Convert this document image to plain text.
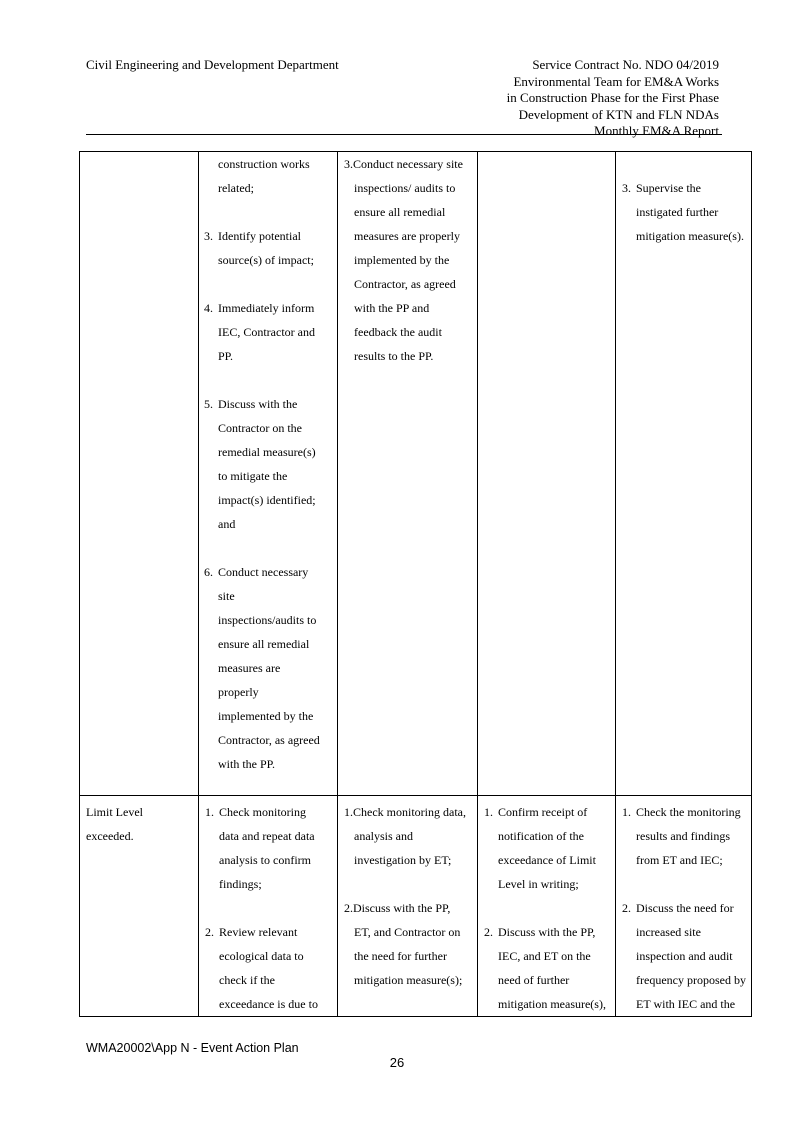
Civil Engineering and Development Department	Service Contract No. NDO 04/2019
Environmental Team for EM&A Works
in Construction Phase for the First Phase
Development of KTN and FLN NDAs
Monthly EM&A Report
construction works
related;
3. Identify potential
source(s) of impact;
4. Immediately inform
IEC, Contractor and
PP.
5. Discuss with the
Contractor on the
remedial measure(s)
to mitigate the
impact(s) identified;
and
6. Conduct necessary
site
inspections/audits to
ensure all remedial
measures are
properly
implemented by the
Contractor, as agreed
with the PP.
3.Conduct necessary site
inspections/ audits to
ensure all remedial
measures are properly
implemented by the
Contractor, as agreed
with the PP and
feedback the audit
results to the PP.
3. Supervise the
instigated further
mitigation measure(s).
Limit Level
exceeded.
1. Check monitoring
data and repeat data
analysis to confirm
findings;
2. Review relevant
ecological data to
check if the
exceedance is due to
1.Check monitoring data,
analysis and
investigation by ET;
2.Discuss with the PP,
ET, and Contractor on
the need for further
mitigation measure(s);
1. Confirm receipt of
notification of the
exceedance of Limit
Level in writing;
2. Discuss with the PP,
IEC, and ET on the
need of further
mitigation measure(s),
1. Check the monitoring
results and findings
from ET and IEC;
2. Discuss the need for
increased site
inspection and audit
frequency proposed by
ET with IEC and the
WMA20002\App N - Event Action Plan
26
